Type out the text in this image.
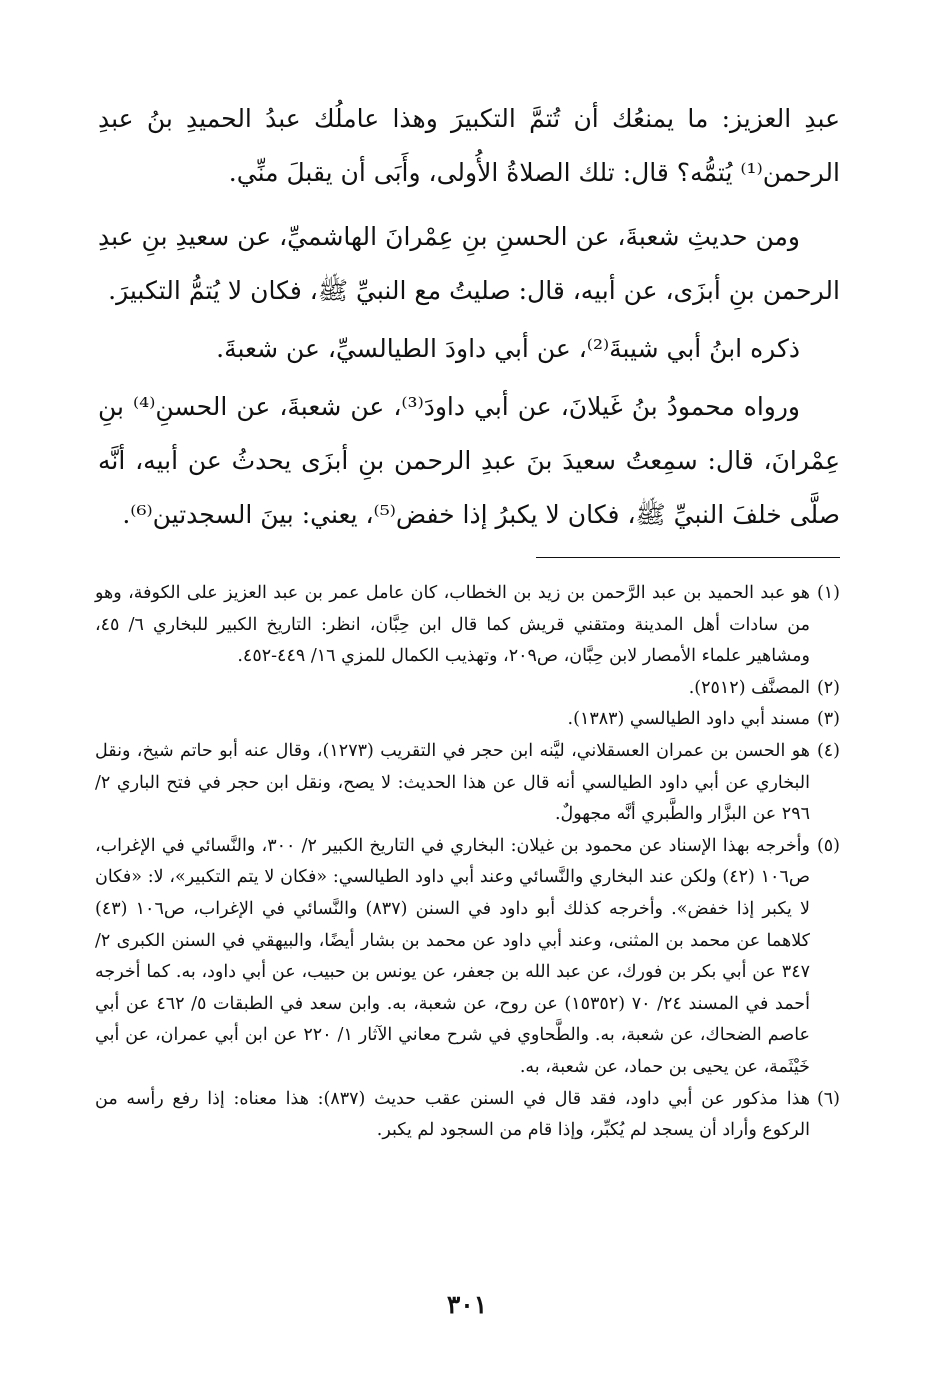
عبدِ العزيز: ما يمنعُك أن تُتمَّ التكبيرَ وهذا عاملُك عبدُ الحميدِ بنُ عبدِ الرحمن⁽¹⁾ يُتمُّه؟ قال: تلك الصلاةُ الأُولى، وأَبَى أن يقبلَ منِّي.

ومن حديثِ شعبةَ، عن الحسنِ بنِ عِمْرانَ الهاشميِّ، عن سعيدِ بنِ عبدِ الرحمن بنِ أبزَى، عن أبيه، قال: صليتُ مع النبيِّ ﷺ، فكان لا يُتمُّ التكبيرَ.

ذكره ابنُ أبي شيبةَ⁽²⁾، عن أبي داودَ الطيالسيِّ، عن شعبةَ.

ورواه محمودُ بنُ غَيلانَ، عن أبي داودَ⁽³⁾، عن شعبةَ، عن الحسنِ⁽⁴⁾ بنِ عِمْرانَ، قال: سمِعتُ سعيدَ بنَ عبدِ الرحمن بنِ أبزَى يحدثُ عن أبيه، أنَّه صلَّى خلفَ النبيِّ ﷺ، فكان لا يكبرُ إذا خفض⁽⁵⁾، يعني: بينَ السجدتين⁽⁶⁾.

(١)
هو عبد الحميد بن عبد الرَّحمن بن زيد بن الخطاب، كان عامل عمر بن عبد العزيز على الكوفة، وهو من سادات أهل المدينة ومتقني قريش كما قال ابن حِبَّان، انظر: التاريخ الكبير للبخاري ٦/ ٤٥، ومشاهير علماء الأمصار لابن حِبَّان، ص٢٠٩، وتهذيب الكمال للمزي ١٦/ ٤٤٩-٤٥٢.

(٢)
المصنَّف (٢٥١٢).

(٣)
مسند أبي داود الطيالسي (١٣٨٣).

(٤)
هو الحسن بن عمران العسقلاني، ليَّنه ابن حجر في التقريب (١٢٧٣)، وقال عنه أبو حاتم شيخ، ونقل البخاري عن أبي داود الطيالسي أنه قال عن هذا الحديث: لا يصح، ونقل ابن حجر في فتح الباري ٢/ ٢٩٦ عن البزَّار والطَّبري أنَّه مجهولٌ.

(٥)
وأخرجه بهذا الإسناد عن محمود بن غيلان: البخاري في التاريخ الكبير ٢/ ٣٠٠، والنَّسائي في الإغراب، ص١٠٦ (٤٢) ولكن عند البخاري والنَّسائي وعند أبي داود الطيالسي: «فكان لا يتم التكبير»، لا: «فكان لا يكبر إذا خفض». وأخرجه كذلك أبو داود في السنن (٨٣٧) والنَّسائي في الإغراب، ص١٠٦ (٤٣) كلاهما عن محمد بن المثنى، وعند أبي داود عن محمد بن بشار أيضًا، والبيهقي في السنن الكبرى ٢/ ٣٤٧ عن أبي بكر بن فورك، عن عبد الله بن جعفر، عن يونس بن حبيب، عن أبي داود، به. كما أخرجه أحمد في المسند ٢٤/ ٧٠ (١٥٣٥٢) عن روح، عن شعبة، به. وابن سعد في الطبقات ٥/ ٤٦٢ عن أبي عاصم الضحاك، عن شعبة، به. والطَّحاوي في شرح معاني الآثار ١/ ٢٢٠ عن ابن أبي عمران، عن أبي خَيْثَمة، عن يحيى بن حماد، عن شعبة، به.

(٦)
هذا مذكور عن أبي داود، فقد قال في السنن عقب حديث (٨٣٧): هذا معناه: إذا رفع رأسه من الركوع وأراد أن يسجد لم يُكبِّر، وإذا قام من السجود لم يكبر.

٣٠١
